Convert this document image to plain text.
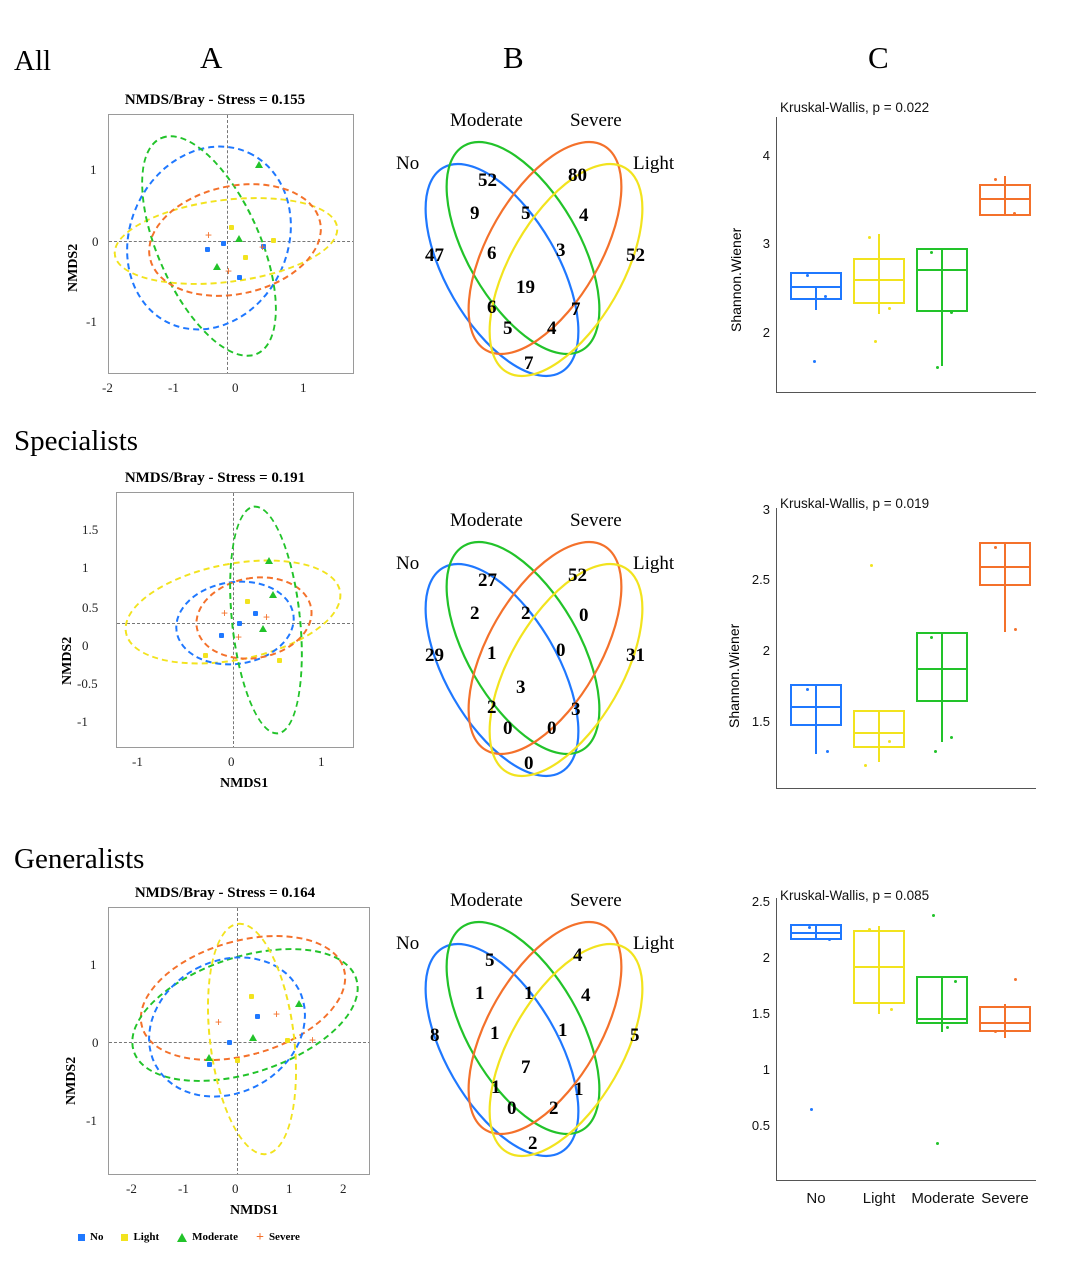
A	B	C
All
Specialists
Generalists
NMDS/Bray - Stress = 0.155
NMDS2	+
+
+
1
0
-1
-2	-1	0	1
No
Moderate Severe
Light
47
52	80
52
9 5	4
6	3
19
6	7
5 4
7
Kruskal-Wallis, p = 0.022
Shannon.Wiener
4
3
2
NMDS/Bray - Stress = 0.191
NMDS2
NMDS1
+
+
+
1.5
1
0.5
0
-0.5
-1
-1	0	1
No
Moderate Severe
Light
29
27	52
31
2 2	0
1	0
3
2	3
0 0
0
Kruskal-Wallis, p = 0.019
Shannon.Wiener
3
2.5
2
1.5
NMDS/Bray - Stress = 0.164
NMDS2
NMDS1
+
+
+
1
0
-1
-2	-1	0	1	2
No
Moderate Severe
Light
8
5	4
5
1 1	4
1	1
7
1	1
0 2
2
Kruskal-Wallis, p = 0.085
2.5
2
1.5
1
0.5
No	Light	Moderate Severe
No	Light	Moderate + Severe
